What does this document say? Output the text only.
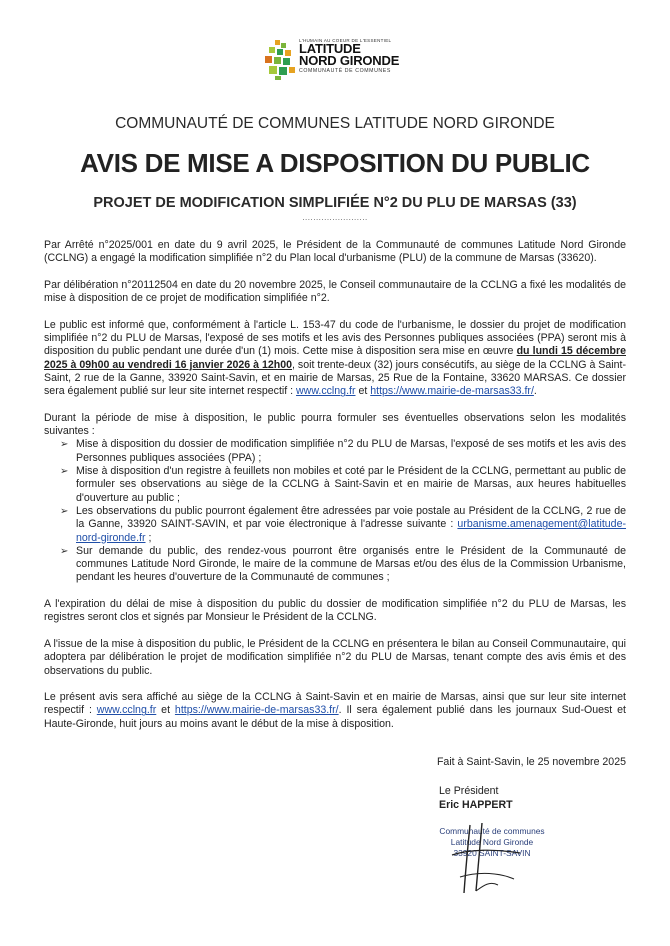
L'HUMAIN AU COEUR DE L'ESSENTIEL
LATITUDE
NORD GIRONDE
COMMUNAUTÉ DE COMMUNES
COMMUNAUTÉ DE COMMUNES LATITUDE NORD GIRONDE
AVIS DE MISE A DISPOSITION DU PUBLIC
PROJET DE MODIFICATION SIMPLIFIÉE N°2 DU PLU DE MARSAS (33)
........................

Par Arrêté n°2025/001 en date du 9 avril 2025, le Président de la Communauté de communes Latitude Nord Gironde (CCLNG) a engagé la modification simplifiée n°2 du Plan local d'urbanisme (PLU) de la commune de Marsas (33620).

Par délibération n°20112504 en date du 20 novembre 2025, le Conseil communautaire de la CCLNG a fixé les modalités de mise à disposition de ce projet de modification simplifiée n°2.

Le public est informé que, conformément à l'article L. 153-47 du code de l'urbanisme, le dossier du projet de modification simplifiée n°2 du PLU de Marsas, l'exposé de ses motifs et les avis des Personnes publiques associées (PPA) seront mis à disposition du public pendant une durée d'un (1) mois. Cette mise à disposition sera mise en œuvre du lundi 15 décembre 2025 à 09h00 au vendredi 16 janvier 2026 à 12h00, soit trente-deux (32) jours consécutifs, au siège de la CCLNG à Saint-Saint, 2 rue de la Ganne, 33920 Saint-Savin, et en mairie de Marsas, 25 Rue de la Fontaine, 33620 MARSAS. Ce dossier sera également publié sur leur site internet respectif : www.cclng.fr et https://www.mairie-de-marsas33.fr/.

Durant la période de mise à disposition, le public pourra formuler ses éventuelles observations selon les modalités suivantes :
➢ Mise à disposition du dossier de modification simplifiée n°2 du PLU de Marsas, l'exposé de ses motifs et les avis des Personnes publiques associées (PPA) ;
➢ Mise à disposition d'un registre à feuillets non mobiles et coté par le Président de la CCLNG, permettant au public de formuler ses observations au siège de la CCLNG à Saint-Savin et en mairie de Marsas, aux heures habituelles d'ouverture au public ;
➢ Les observations du public pourront également être adressées par voie postale au Président de la CCLNG, 2 rue de la Ganne, 33920 SAINT-SAVIN, et par voie électronique à l'adresse suivante : urbanisme.amenagement@latitude-nord-gironde.fr ;
➢ Sur demande du public, des rendez-vous pourront être organisés entre le Président de la Communauté de communes Latitude Nord Gironde, le maire de la commune de Marsas et/ou des élus de la Commission Urbanisme, pendant les heures d'ouverture de la Communauté de communes ;

A l'expiration du délai de mise à disposition du public du dossier de modification simplifiée n°2 du PLU de Marsas, les registres seront clos et signés par Monsieur le Président de la CCLNG.

A l'issue de la mise à disposition du public, le Président de la CCLNG en présentera le bilan au Conseil Communautaire, qui adoptera par délibération le projet de modification simplifiée n°2 du PLU de Marsas, tenant compte des avis émis et des observations du public.

Le présent avis sera affiché au siège de la CCLNG à Saint-Savin et en mairie de Marsas, ainsi que sur leur site internet respectif : www.cclng.fr et https://www.mairie-de-marsas33.fr/. Il sera également publié dans les journaux Sud-Ouest et Haute-Gironde, huit jours au moins avant le début de la mise à disposition.

Fait à Saint-Savin, le 25 novembre 2025
Le Président
Eric HAPPERT
Communauté de communes
Latitude Nord Gironde
33920 SAINT-SAVIN
